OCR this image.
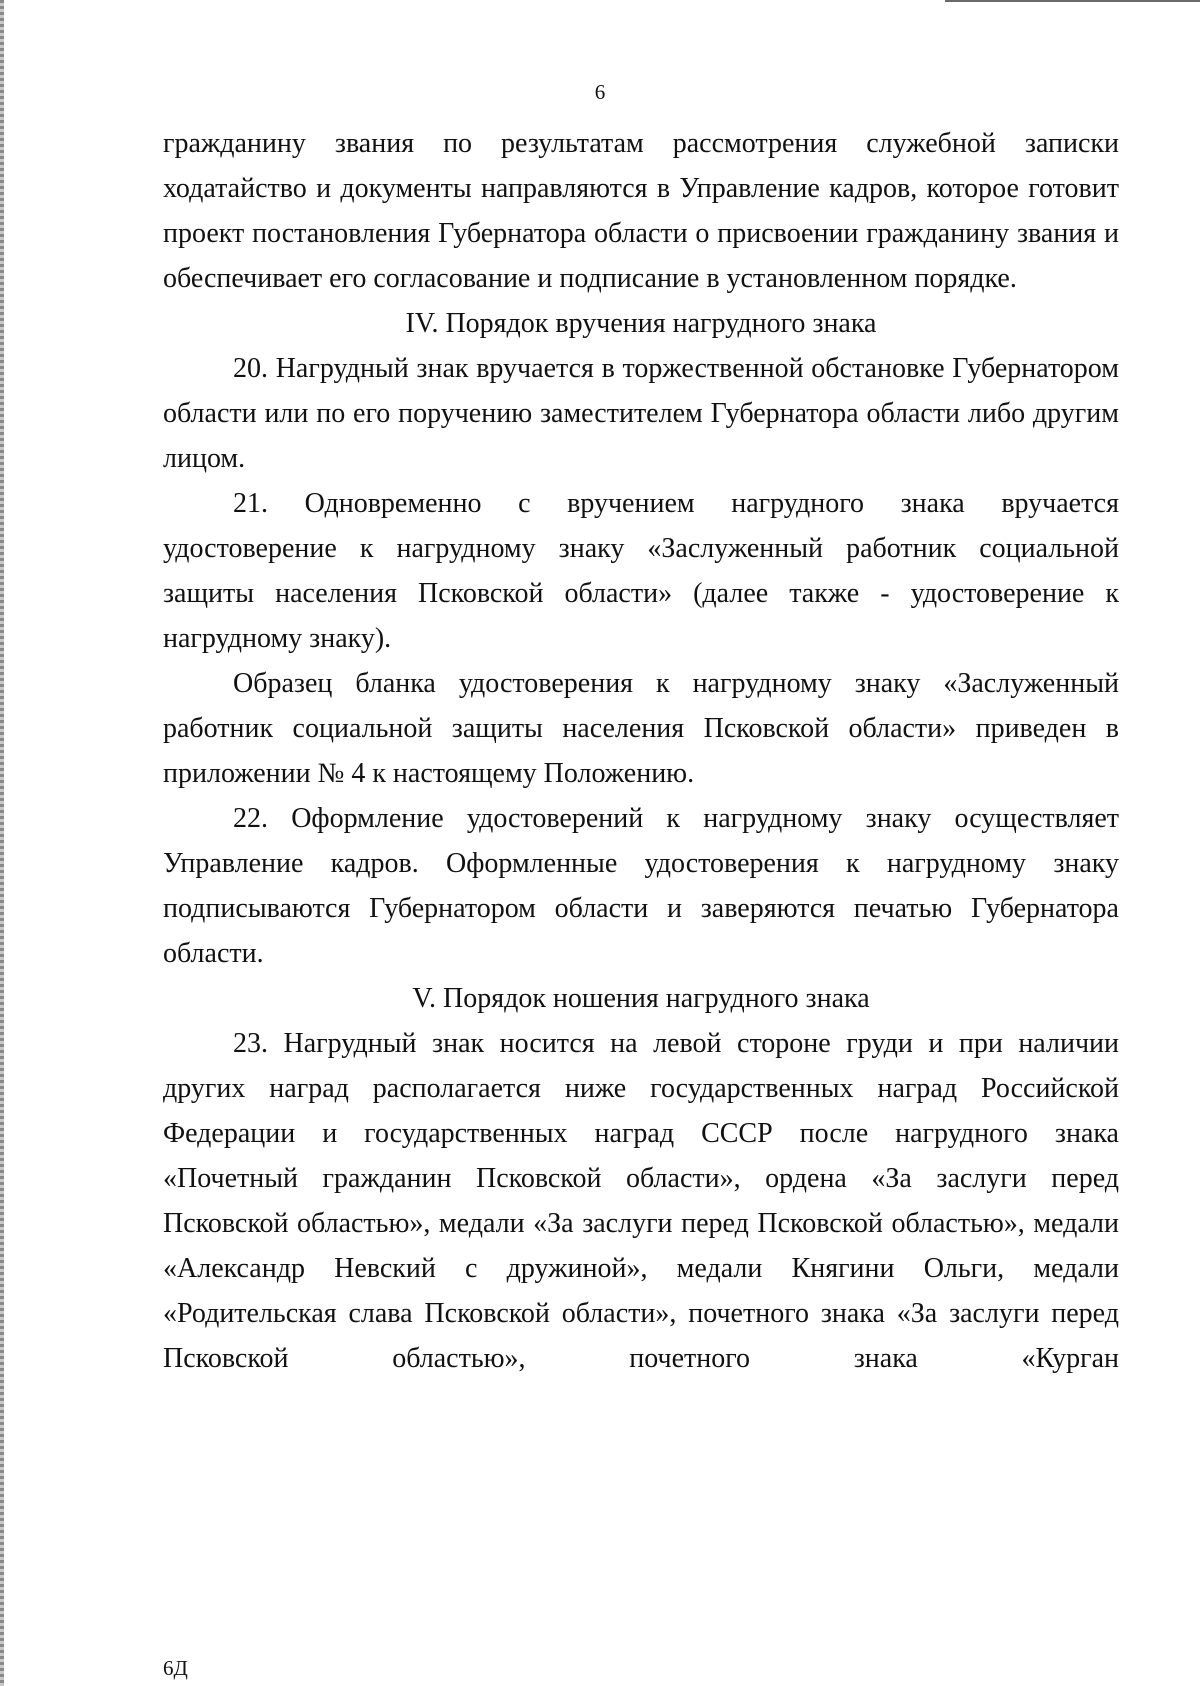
6

гражданину звания по результатам рассмотрения служебной записки ходатайство и документы направляются в Управление кадров, которое готовит проект постановления Губернатора области о присвоении гражданину звания и обеспечивает его согласование и подписание в установленном порядке.

IV. Порядок вручения нагрудного знака

20. Нагрудный знак вручается в торжественной обстановке Губернатором области или по его поручению заместителем Губернатора области либо другим лицом.

21. Одновременно с вручением нагрудного знака вручается удостоверение к нагрудному знаку «Заслуженный работник социальной защиты населения Псковской области» (далее также - удостоверение к нагрудному знаку).

Образец бланка удостоверения к нагрудному знаку «Заслуженный работник социальной защиты населения Псковской области» приведен в приложении № 4 к настоящему Положению.

22. Оформление удостоверений к нагрудному знаку осуществляет Управление кадров. Оформленные удостоверения к нагрудному знаку подписываются Губернатором области и заверяются печатью Губернатора области.

V. Порядок ношения нагрудного знака

23. Нагрудный знак носится на левой стороне груди и при наличии других наград располагается ниже государственных наград Российской Федерации и государственных наград СССР после нагрудного знака «Почетный гражданин Псковской области», ордена «За заслуги перед Псковской областью», медали «За заслуги перед Псковской областью», медали «Александр Невский с дружиной», медали Княгини Ольги, медали «Родительская слава Псковской области», почетного знака «За заслуги перед Псковской областью», почетного знака «Курган

6Д
